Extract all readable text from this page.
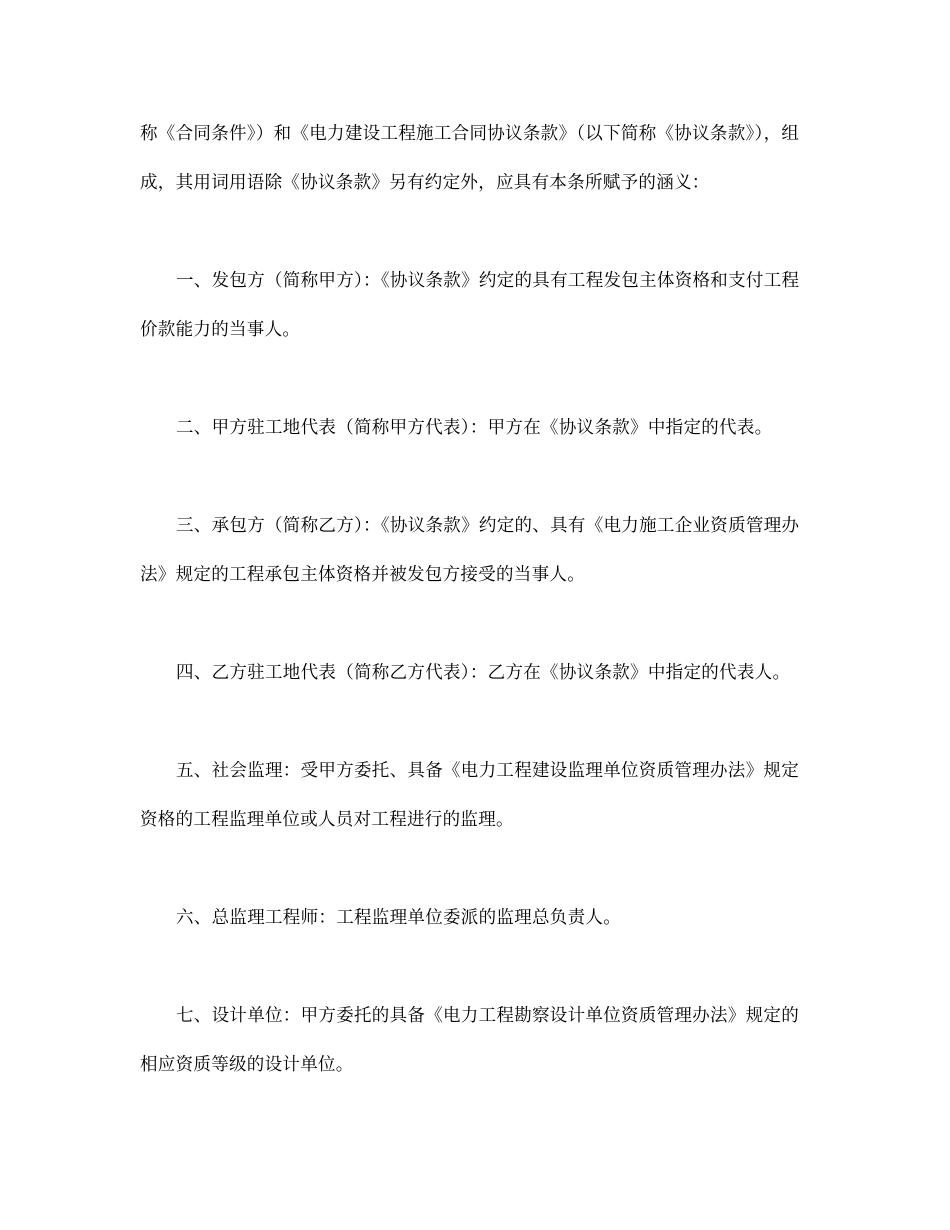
称《合同条件》）和《电力建设工程施工合同协议条款》（以下简称《协议条款》），组成，其用词用语除《协议条款》另有约定外，应具有本条所赋予的涵义：

一、发包方（简称甲方）：《协议条款》约定的具有工程发包主体资格和支付工程价款能力的当事人。

二、甲方驻工地代表（简称甲方代表）：甲方在《协议条款》中指定的代表。

三、承包方（简称乙方）：《协议条款》约定的、具有《电力施工企业资质管理办法》规定的工程承包主体资格并被发包方接受的当事人。

四、乙方驻工地代表（简称乙方代表）：乙方在《协议条款》中指定的代表人。

五、社会监理：受甲方委托、具备《电力工程建设监理单位资质管理办法》规定资格的工程监理单位或人员对工程进行的监理。

六、总监理工程师：工程监理单位委派的监理总负责人。

七、设计单位：甲方委托的具备《电力工程勘察设计单位资质管理办法》规定的相应资质等级的设计单位。
